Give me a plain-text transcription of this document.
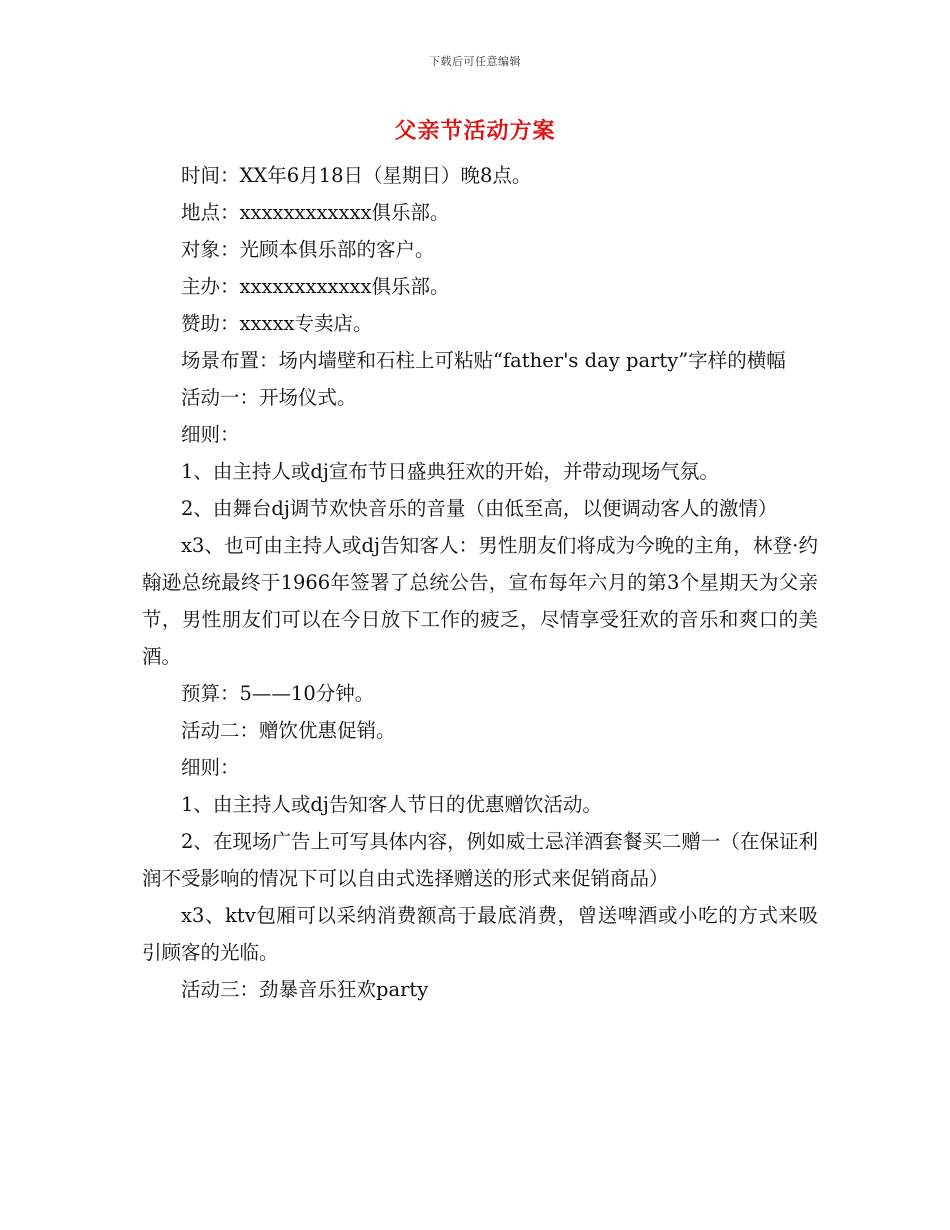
下载后可任意编辑
父亲节活动方案

时间：XX年6月18日（星期日）晚8点。

地点：xxxxxxxxxxxx俱乐部。

对象：光顾本俱乐部的客户。

主办：xxxxxxxxxxxx俱乐部。

赞助：xxxxx专卖店。

场景布置：场内墙壁和石柱上可粘贴“father's day party”字样的横幅

活动一：开场仪式。

细则：

1、由主持人或dj宣布节日盛典狂欢的开始，并带动现场气氛。

2、由舞台dj调节欢快音乐的音量（由低至高，以便调动客人的激情）

x3、也可由主持人或dj告知客人：男性朋友们将成为今晚的主角，林登·约翰逊总统最终于1966年签署了总统公告，宣布每年六月的第3个星期天为父亲节，男性朋友们可以在今日放下工作的疲乏，尽情享受狂欢的音乐和爽口的美酒。

预算：5——10分钟。

活动二：赠饮优惠促销。

细则：

1、由主持人或dj告知客人节日的优惠赠饮活动。

2、在现场广告上可写具体内容，例如威士忌洋酒套餐买二赠一（在保证利润不受影响的情况下可以自由式选择赠送的形式来促销商品）

x3、ktv包厢可以采纳消费额高于最底消费，曾送啤酒或小吃的方式来吸引顾客的光临。

活动三：劲暴音乐狂欢party
